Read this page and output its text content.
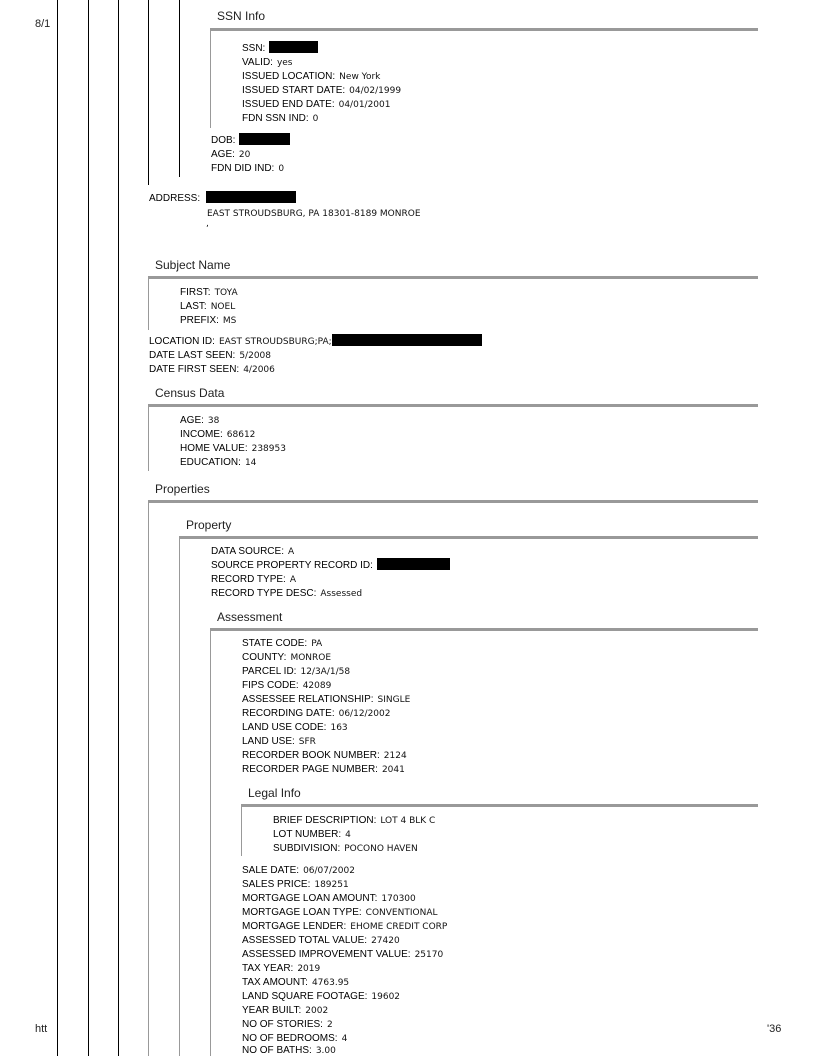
8/1
htt	'36
SSN Info
SSN:
VALID: yes
ISSUED LOCATION: New York
ISSUED START DATE: 04/02/1999
ISSUED END DATE: 04/01/2001
FDN SSN IND: 0
DOB:
AGE: 20
FDN DID IND: 0
ADDRESS:
EAST STROUDSBURG, PA 18301-8189 MONROE
,
Subject Name
FIRST: TOYA
LAST: NOEL
PREFIX: MS
LOCATION ID: EAST STROUDSBURG;PA;
DATE LAST SEEN: 5/2008
DATE FIRST SEEN: 4/2006
Census Data
AGE: 38
INCOME: 68612
HOME VALUE: 238953
EDUCATION: 14
Properties
Property
DATA SOURCE: A
SOURCE PROPERTY RECORD ID:
RECORD TYPE: A
RECORD TYPE DESC: Assessed
Assessment
STATE CODE: PA
COUNTY: MONROE
PARCEL ID: 12/3A/1/58
FIPS CODE: 42089
ASSESSEE RELATIONSHIP: SINGLE
RECORDING DATE: 06/12/2002
LAND USE CODE: 163
LAND USE: SFR
RECORDER BOOK NUMBER: 2124
RECORDER PAGE NUMBER: 2041
Legal Info
BRIEF DESCRIPTION: LOT 4 BLK C
LOT NUMBER: 4
SUBDIVISION: POCONO HAVEN
SALE DATE: 06/07/2002
SALES PRICE: 189251
MORTGAGE LOAN AMOUNT: 170300
MORTGAGE LOAN TYPE: CONVENTIONAL
MORTGAGE LENDER: EHOME CREDIT CORP
ASSESSED TOTAL VALUE: 27420
ASSESSED IMPROVEMENT VALUE: 25170
TAX YEAR: 2019
TAX AMOUNT: 4763.95
LAND SQUARE FOOTAGE: 19602
YEAR BUILT: 2002
NO OF STORIES: 2
NO OF BEDROOMS: 4
NO OF BATHS: 3.00
